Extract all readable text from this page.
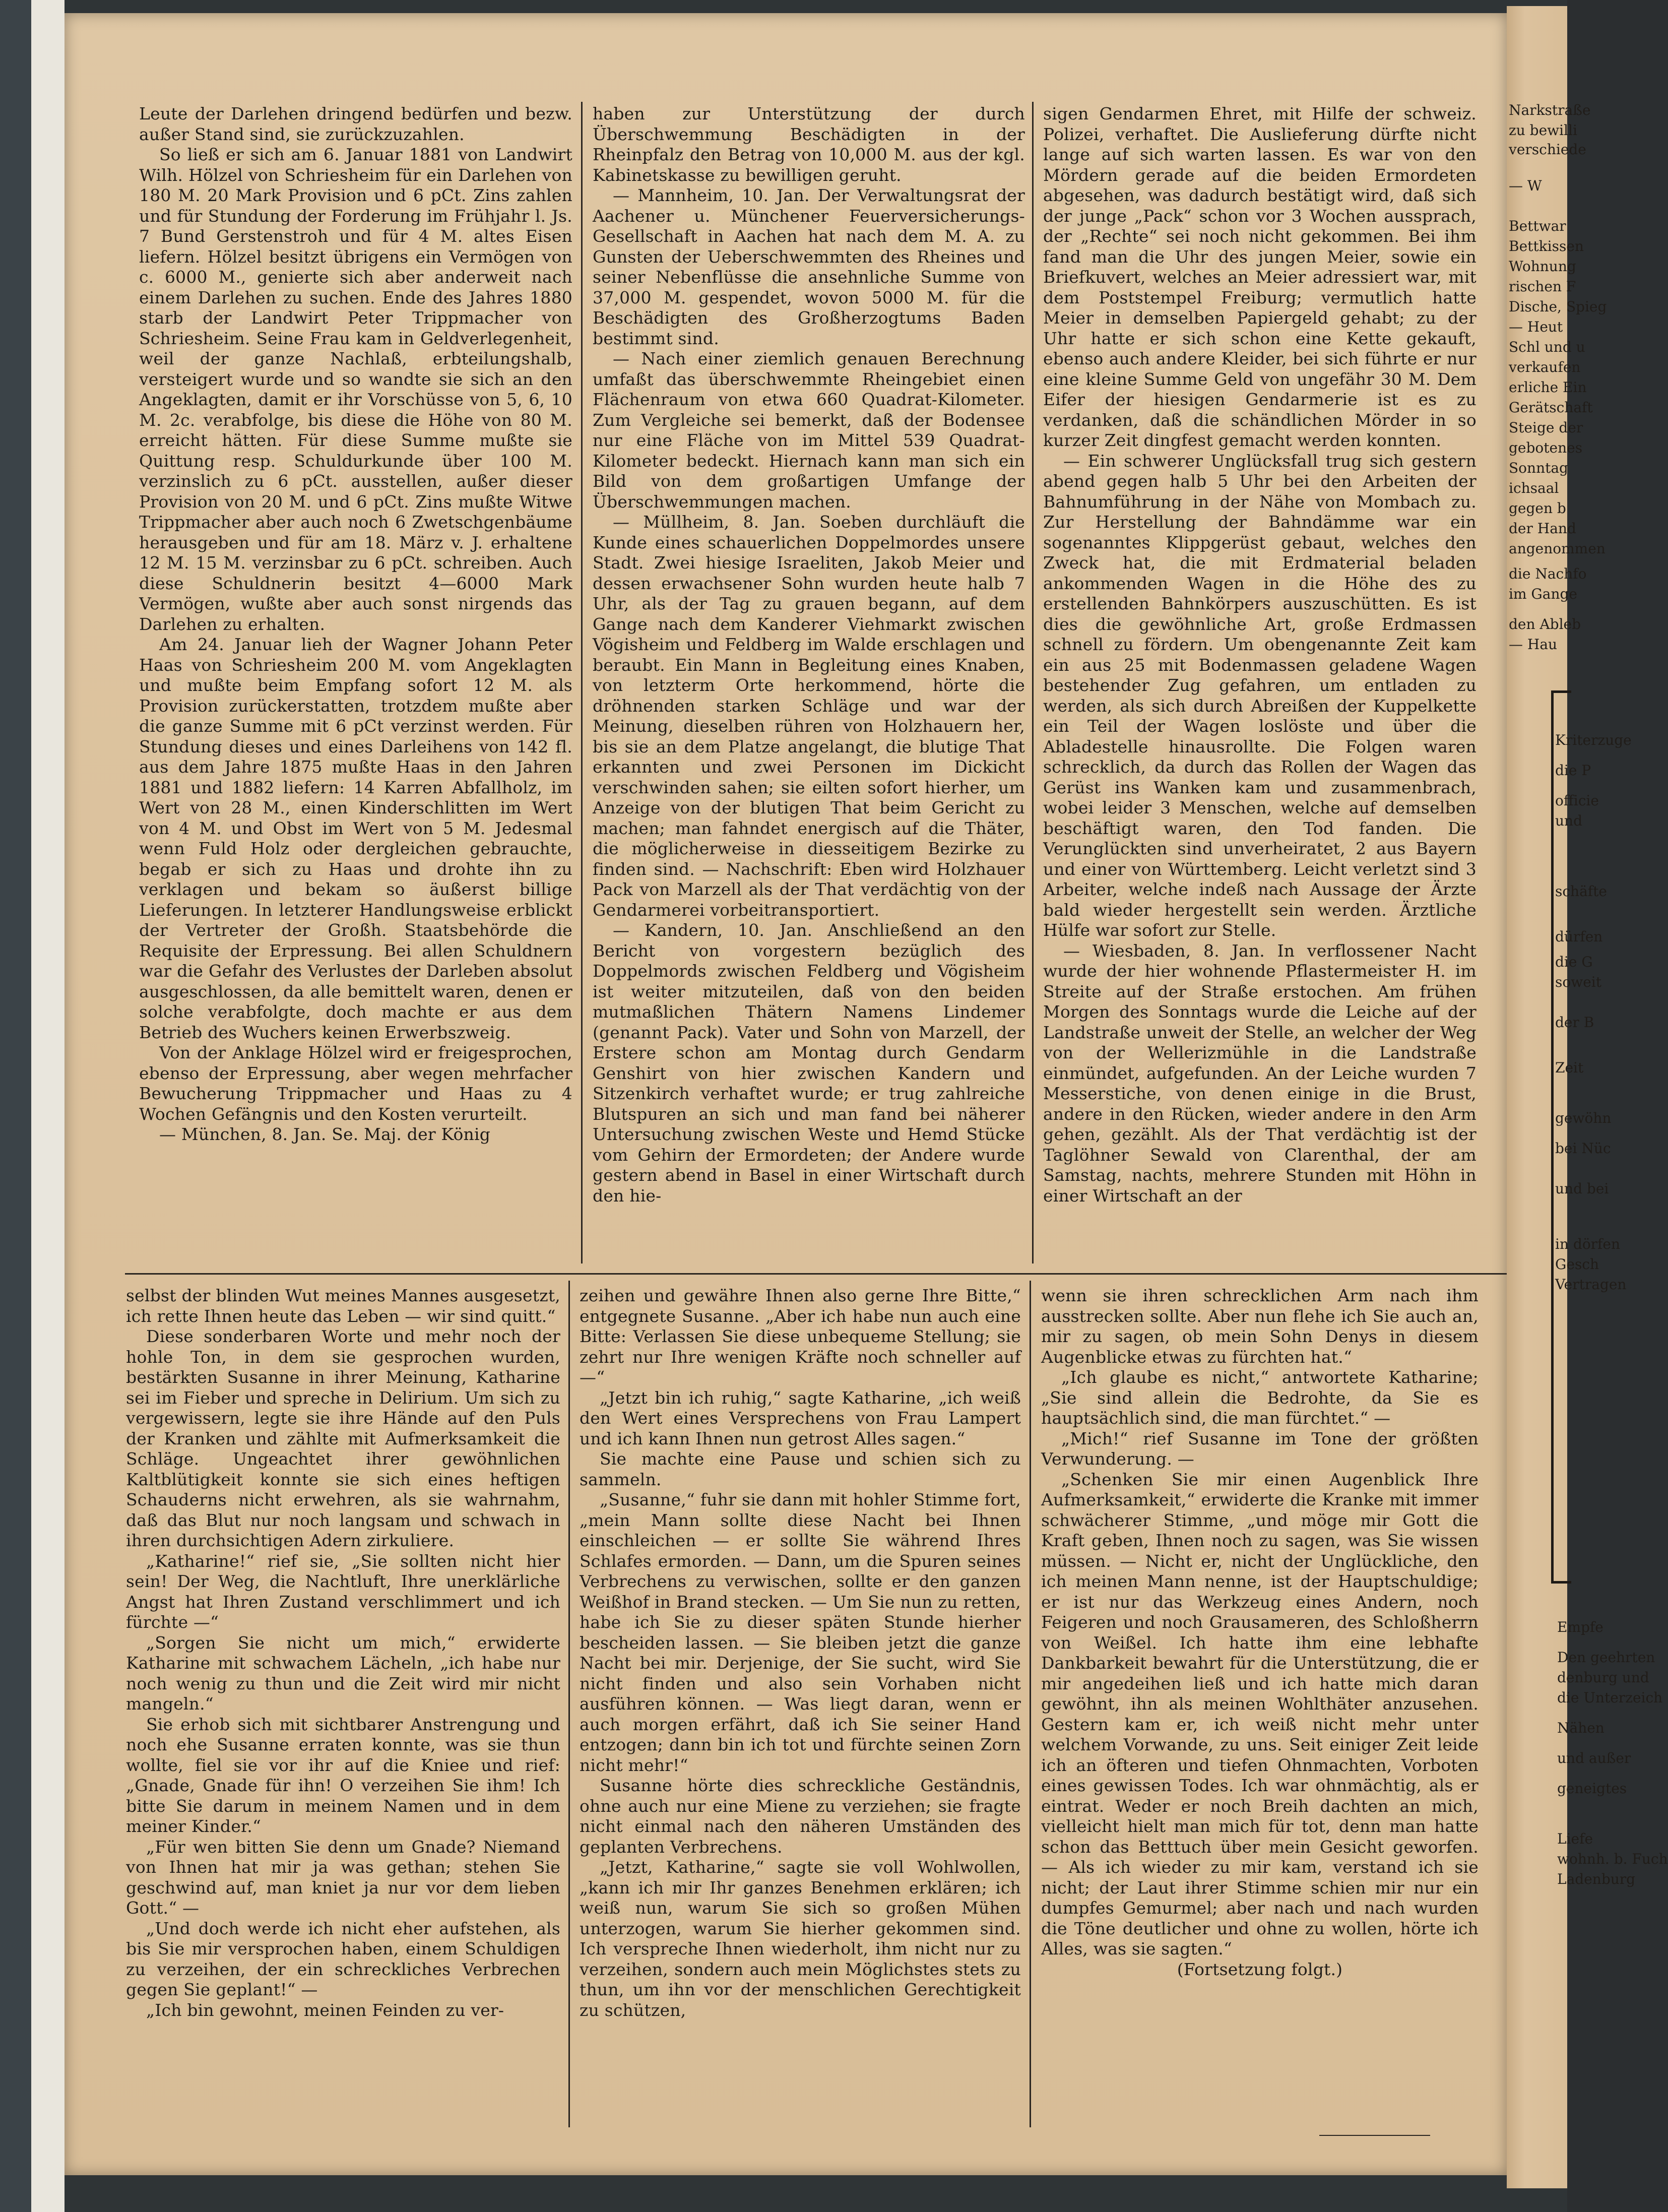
Leute der Darlehen dringend bedürfen und bezw. außer Stand sind, sie zurückzuzahlen.

So ließ er sich am 6. Januar 1881 von Landwirt Wilh. Hölzel von Schriesheim für ein Darlehen von 180 M. 20 Mark Provision und 6 pCt. Zins zahlen und für Stundung der Forderung im Frühjahr l. Js. 7 Bund Gerstenstroh und für 4 M. altes Eisen liefern. Hölzel besitzt übrigens ein Vermögen von c. 6000 M., genierte sich aber anderweit nach einem Darlehen zu suchen. Ende des Jahres 1880 starb der Landwirt Peter Trippmacher von Schriesheim. Seine Frau kam in Geldverlegenheit, weil der ganze Nachlaß, erbteilungshalb, versteigert wurde und so wandte sie sich an den Angeklagten, damit er ihr Vorschüsse von 5, 6, 10 M. 2c. verabfolge, bis diese die Höhe von 80 M. erreicht hätten. Für diese Summe mußte sie Quittung resp. Schuldurkunde über 100 M. verzinslich zu 6 pCt. ausstellen, außer dieser Provision von 20 M. und 6 pCt. Zins mußte Witwe Trippmacher aber auch noch 6 Zwetschgenbäume herausgeben und für am 18. März v. J. erhaltene 12 M. 15 M. verzinsbar zu 6 pCt. schreiben. Auch diese Schuldnerin besitzt 4—6000 Mark Vermögen, wußte aber auch sonst nirgends das Darlehen zu erhalten.

Am 24. Januar lieh der Wagner Johann Peter Haas von Schriesheim 200 M. vom Angeklagten und mußte beim Empfang sofort 12 M. als Provision zurückerstatten, trotzdem mußte aber die ganze Summe mit 6 pCt verzinst werden. Für Stundung dieses und eines Darleihens von 142 fl. aus dem Jahre 1875 mußte Haas in den Jahren 1881 und 1882 liefern: 14 Karren Abfallholz, im Wert von 28 M., einen Kinderschlitten im Wert von 4 M. und Obst im Wert von 5 M. Jedesmal wenn Fuld Holz oder dergleichen gebrauchte, begab er sich zu Haas und drohte ihn zu verklagen und bekam so äußerst billige Lieferungen. In letzterer Handlungsweise erblickt der Vertreter der Großh. Staatsbehörde die Requisite der Erpressung. Bei allen Schuldnern war die Gefahr des Verlustes der Darleben absolut ausgeschlossen, da alle bemittelt waren, denen er solche verabfolgte, doch machte er aus dem Betrieb des Wuchers keinen Erwerbszweig.

Von der Anklage Hölzel wird er freigesprochen, ebenso der Erpressung, aber wegen mehrfacher Bewucherung Trippmacher und Haas zu 4 Wochen Gefängnis und den Kosten verurteilt.

— München, 8. Jan. Se. Maj. der König

haben zur Unterstützung der durch Überschwemmung Beschädigten in der Rheinpfalz den Betrag von 10,000 M. aus der kgl. Kabinetskasse zu bewilligen geruht.

— Mannheim, 10. Jan. Der Verwaltungsrat der Aachener u. Münchener Feuerversicherungs-Gesellschaft in Aachen hat nach dem M. A. zu Gunsten der Ueberschwemmten des Rheines und seiner Nebenflüsse die ansehnliche Summe von 37,000 M. gespendet, wovon 5000 M. für die Beschädigten des Großherzogtums Baden bestimmt sind.

— Nach einer ziemlich genauen Berechnung umfaßt das überschwemmte Rheingebiet einen Flächenraum von etwa 660 Quadrat-Kilometer. Zum Vergleiche sei bemerkt, daß der Bodensee nur eine Fläche von im Mittel 539 Quadrat-Kilometer bedeckt. Hiernach kann man sich ein Bild von dem großartigen Umfange der Überschwemmungen machen.

— Müllheim, 8. Jan. Soeben durchläuft die Kunde eines schauerlichen Doppelmordes unsere Stadt. Zwei hiesige Israeliten, Jakob Meier und dessen erwachsener Sohn wurden heute halb 7 Uhr, als der Tag zu grauen begann, auf dem Gange nach dem Kanderer Viehmarkt zwischen Vögisheim und Feldberg im Walde erschlagen und beraubt. Ein Mann in Begleitung eines Knaben, von letzterm Orte herkommend, hörte die dröhnenden starken Schläge und war der Meinung, dieselben rühren von Holzhauern her, bis sie an dem Platze angelangt, die blutige That erkannten und zwei Personen im Dickicht verschwinden sahen; sie eilten sofort hierher, um Anzeige von der blutigen That beim Gericht zu machen; man fahndet energisch auf die Thäter, die möglicherweise in diesseitigem Bezirke zu finden sind. — Nachschrift: Eben wird Holzhauer Pack von Marzell als der That verdächtig von der Gendarmerei vorbeitransportiert.

— Kandern, 10. Jan. Anschließend an den Bericht von vorgestern bezüglich des Doppelmords zwischen Feldberg und Vögisheim ist weiter mitzuteilen, daß von den beiden mutmaßlichen Thätern Namens Lindemer (genannt Pack). Vater und Sohn von Marzell, der Erstere schon am Montag durch Gendarm Genshirt von hier zwischen Kandern und Sitzenkirch verhaftet wurde; er trug zahlreiche Blutspuren an sich und man fand bei näherer Untersuchung zwischen Weste und Hemd Stücke vom Gehirn der Ermordeten; der Andere wurde gestern abend in Basel in einer Wirtschaft durch den hie-

sigen Gendarmen Ehret, mit Hilfe der schweiz. Polizei, verhaftet. Die Auslieferung dürfte nicht lange auf sich warten lassen. Es war von den Mördern gerade auf die beiden Ermordeten abgesehen, was dadurch bestätigt wird, daß sich der junge „Pack“ schon vor 3 Wochen aussprach, der „Rechte“ sei noch nicht gekommen. Bei ihm fand man die Uhr des jungen Meier, sowie ein Briefkuvert, welches an Meier adressiert war, mit dem Poststempel Freiburg; vermutlich hatte Meier in demselben Papiergeld gehabt; zu der Uhr hatte er sich schon eine Kette gekauft, ebenso auch andere Kleider, bei sich führte er nur eine kleine Summe Geld von ungefähr 30 M. Dem Eifer der hiesigen Gendarmerie ist es zu verdanken, daß die schändlichen Mörder in so kurzer Zeit dingfest gemacht werden konnten.

— Ein schwerer Unglücksfall trug sich gestern abend gegen halb 5 Uhr bei den Arbeiten der Bahnumführung in der Nähe von Mombach zu. Zur Herstellung der Bahndämme war ein sogenanntes Klippgerüst gebaut, welches den Zweck hat, die mit Erdmaterial beladen ankommenden Wagen in die Höhe des zu erstellenden Bahnkörpers auszuschütten. Es ist dies die gewöhnliche Art, große Erdmassen schnell zu fördern. Um obengenannte Zeit kam ein aus 25 mit Bodenmassen geladene Wagen bestehender Zug gefahren, um entladen zu werden, als sich durch Abreißen der Kuppelkette ein Teil der Wagen loslöste und über die Abladestelle hinausrollte. Die Folgen waren schrecklich, da durch das Rollen der Wagen das Gerüst ins Wanken kam und zusammenbrach, wobei leider 3 Menschen, welche auf demselben beschäftigt waren, den Tod fanden. Die Verunglückten sind unverheiratet, 2 aus Bayern und einer von Württemberg. Leicht verletzt sind 3 Arbeiter, welche indeß nach Aussage der Ärzte bald wieder hergestellt sein werden. Ärztliche Hülfe war sofort zur Stelle.

— Wiesbaden, 8. Jan. In verflossener Nacht wurde der hier wohnende Pflastermeister H. im Streite auf der Straße erstochen. Am frühen Morgen des Sonntags wurde die Leiche auf der Landstraße unweit der Stelle, an welcher der Weg von der Wellerizmühle in die Landstraße einmündet, aufgefunden. An der Leiche wurden 7 Messerstiche, von denen einige in die Brust, andere in den Rücken, wieder andere in den Arm gehen, gezählt. Als der That verdächtig ist der Taglöhner Sewald von Clarenthal, der am Samstag, nachts, mehrere Stunden mit Höhn in einer Wirtschaft an der

selbst der blinden Wut meines Mannes ausgesetzt, ich rette Ihnen heute das Leben — wir sind quitt.“

Diese sonderbaren Worte und mehr noch der hohle Ton, in dem sie gesprochen wurden, bestärkten Susanne in ihrer Meinung, Katharine sei im Fieber und spreche in Delirium. Um sich zu vergewissern, legte sie ihre Hände auf den Puls der Kranken und zählte mit Aufmerksamkeit die Schläge. Ungeachtet ihrer gewöhnlichen Kaltblütigkeit konnte sie sich eines heftigen Schauderns nicht erwehren, als sie wahrnahm, daß das Blut nur noch langsam und schwach in ihren durchsichtigen Adern zirkuliere.

„Katharine!“ rief sie, „Sie sollten nicht hier sein! Der Weg, die Nachtluft, Ihre unerklärliche Angst hat Ihren Zustand verschlimmert und ich fürchte —“

„Sorgen Sie nicht um mich,“ erwiderte Katharine mit schwachem Lächeln, „ich habe nur noch wenig zu thun und die Zeit wird mir nicht mangeln.“

Sie erhob sich mit sichtbarer Anstrengung und noch ehe Susanne erraten konnte, was sie thun wollte, fiel sie vor ihr auf die Kniee und rief: „Gnade, Gnade für ihn! O verzeihen Sie ihm! Ich bitte Sie darum in meinem Namen und in dem meiner Kinder.“

„Für wen bitten Sie denn um Gnade? Niemand von Ihnen hat mir ja was gethan; stehen Sie geschwind auf, man kniet ja nur vor dem lieben Gott.“ —

„Und doch werde ich nicht eher aufstehen, als bis Sie mir versprochen haben, einem Schuldigen zu verzeihen, der ein schreckliches Verbrechen gegen Sie geplant!“ —

„Ich bin gewohnt, meinen Feinden zu ver-

zeihen und gewähre Ihnen also gerne Ihre Bitte,“ entgegnete Susanne. „Aber ich habe nun auch eine Bitte: Verlassen Sie diese unbequeme Stellung; sie zehrt nur Ihre wenigen Kräfte noch schneller auf —“

„Jetzt bin ich ruhig,“ sagte Katharine, „ich weiß den Wert eines Versprechens von Frau Lampert und ich kann Ihnen nun getrost Alles sagen.“

Sie machte eine Pause und schien sich zu sammeln.

„Susanne,“ fuhr sie dann mit hohler Stimme fort, „mein Mann sollte diese Nacht bei Ihnen einschleichen — er sollte Sie während Ihres Schlafes ermorden. — Dann, um die Spuren seines Verbrechens zu verwischen, sollte er den ganzen Weißhof in Brand stecken. — Um Sie nun zu retten, habe ich Sie zu dieser späten Stunde hierher bescheiden lassen. — Sie bleiben jetzt die ganze Nacht bei mir. Derjenige, der Sie sucht, wird Sie nicht finden und also sein Vorhaben nicht ausführen können. — Was liegt daran, wenn er auch morgen erfährt, daß ich Sie seiner Hand entzogen; dann bin ich tot und fürchte seinen Zorn nicht mehr!“

Susanne hörte dies schreckliche Geständnis, ohne auch nur eine Miene zu verziehen; sie fragte nicht einmal nach den näheren Umständen des geplanten Verbrechens.

„Jetzt, Katharine,“ sagte sie voll Wohlwollen, „kann ich mir Ihr ganzes Benehmen erklären; ich weiß nun, warum Sie sich so großen Mühen unterzogen, warum Sie hierher gekommen sind. Ich verspreche Ihnen wiederholt, ihm nicht nur zu verzeihen, sondern auch mein Möglichstes stets zu thun, um ihn vor der menschlichen Gerechtigkeit zu schützen,

wenn sie ihren schrecklichen Arm nach ihm ausstrecken sollte. Aber nun flehe ich Sie auch an, mir zu sagen, ob mein Sohn Denys in diesem Augenblicke etwas zu fürchten hat.“

„Ich glaube es nicht,“ antwortete Katharine; „Sie sind allein die Bedrohte, da Sie es hauptsächlich sind, die man fürchtet.“ —

„Mich!“ rief Susanne im Tone der größten Verwunderung. —

„Schenken Sie mir einen Augenblick Ihre Aufmerksamkeit,“ erwiderte die Kranke mit immer schwächerer Stimme, „und möge mir Gott die Kraft geben, Ihnen noch zu sagen, was Sie wissen müssen. — Nicht er, nicht der Unglückliche, den ich meinen Mann nenne, ist der Hauptschuldige; er ist nur das Werkzeug eines Andern, noch Feigeren und noch Grausameren, des Schloßherrn von Weißel. Ich hatte ihm eine lebhafte Dankbarkeit bewahrt für die Unterstützung, die er mir angedeihen ließ und ich hatte mich daran gewöhnt, ihn als meinen Wohlthäter anzusehen. Gestern kam er, ich weiß nicht mehr unter welchem Vorwande, zu uns. Seit einiger Zeit leide ich an öfteren und tiefen Ohnmachten, Vorboten eines gewissen Todes. Ich war ohnmächtig, als er eintrat. Weder er noch Breih dachten an mich, vielleicht hielt man mich für tot, denn man hatte schon das Betttuch über mein Gesicht geworfen. — Als ich wieder zu mir kam, verstand ich sie nicht; der Laut ihrer Stimme schien mir nur ein dumpfes Gemurmel; aber nach und nach wurden die Töne deutlicher und ohne zu wollen, hörte ich Alles, was sie sagten.“

(Fortsetzung folgt.)

Narkstraße
zu bewilli
verschiede
— W
Bettwar
Bettkissen
Wohnung
rischen F
Dische, Spieg
— Heut
Schl und u
verkaufen
erliche Ein
Gerätschaft
Steige der
gebotenes
Sonntag
ichsaal
gegen b
der Hand
angenommen
die Nachfo
im Gange
den Ableb
— Hau
Kriterzuge
die P
officie
und
schäfte
dürfen
die G
soweit
der B
Zeit
gewöhn
bei Nüc
und bei
in dörfen
Gesch
Vertragen
Empfe
Den geehrten
denburg und
die Unterzeich
Nähen
und außer
geneigtes
Liefe
wohnh. b. Fuch
Ladenburg
